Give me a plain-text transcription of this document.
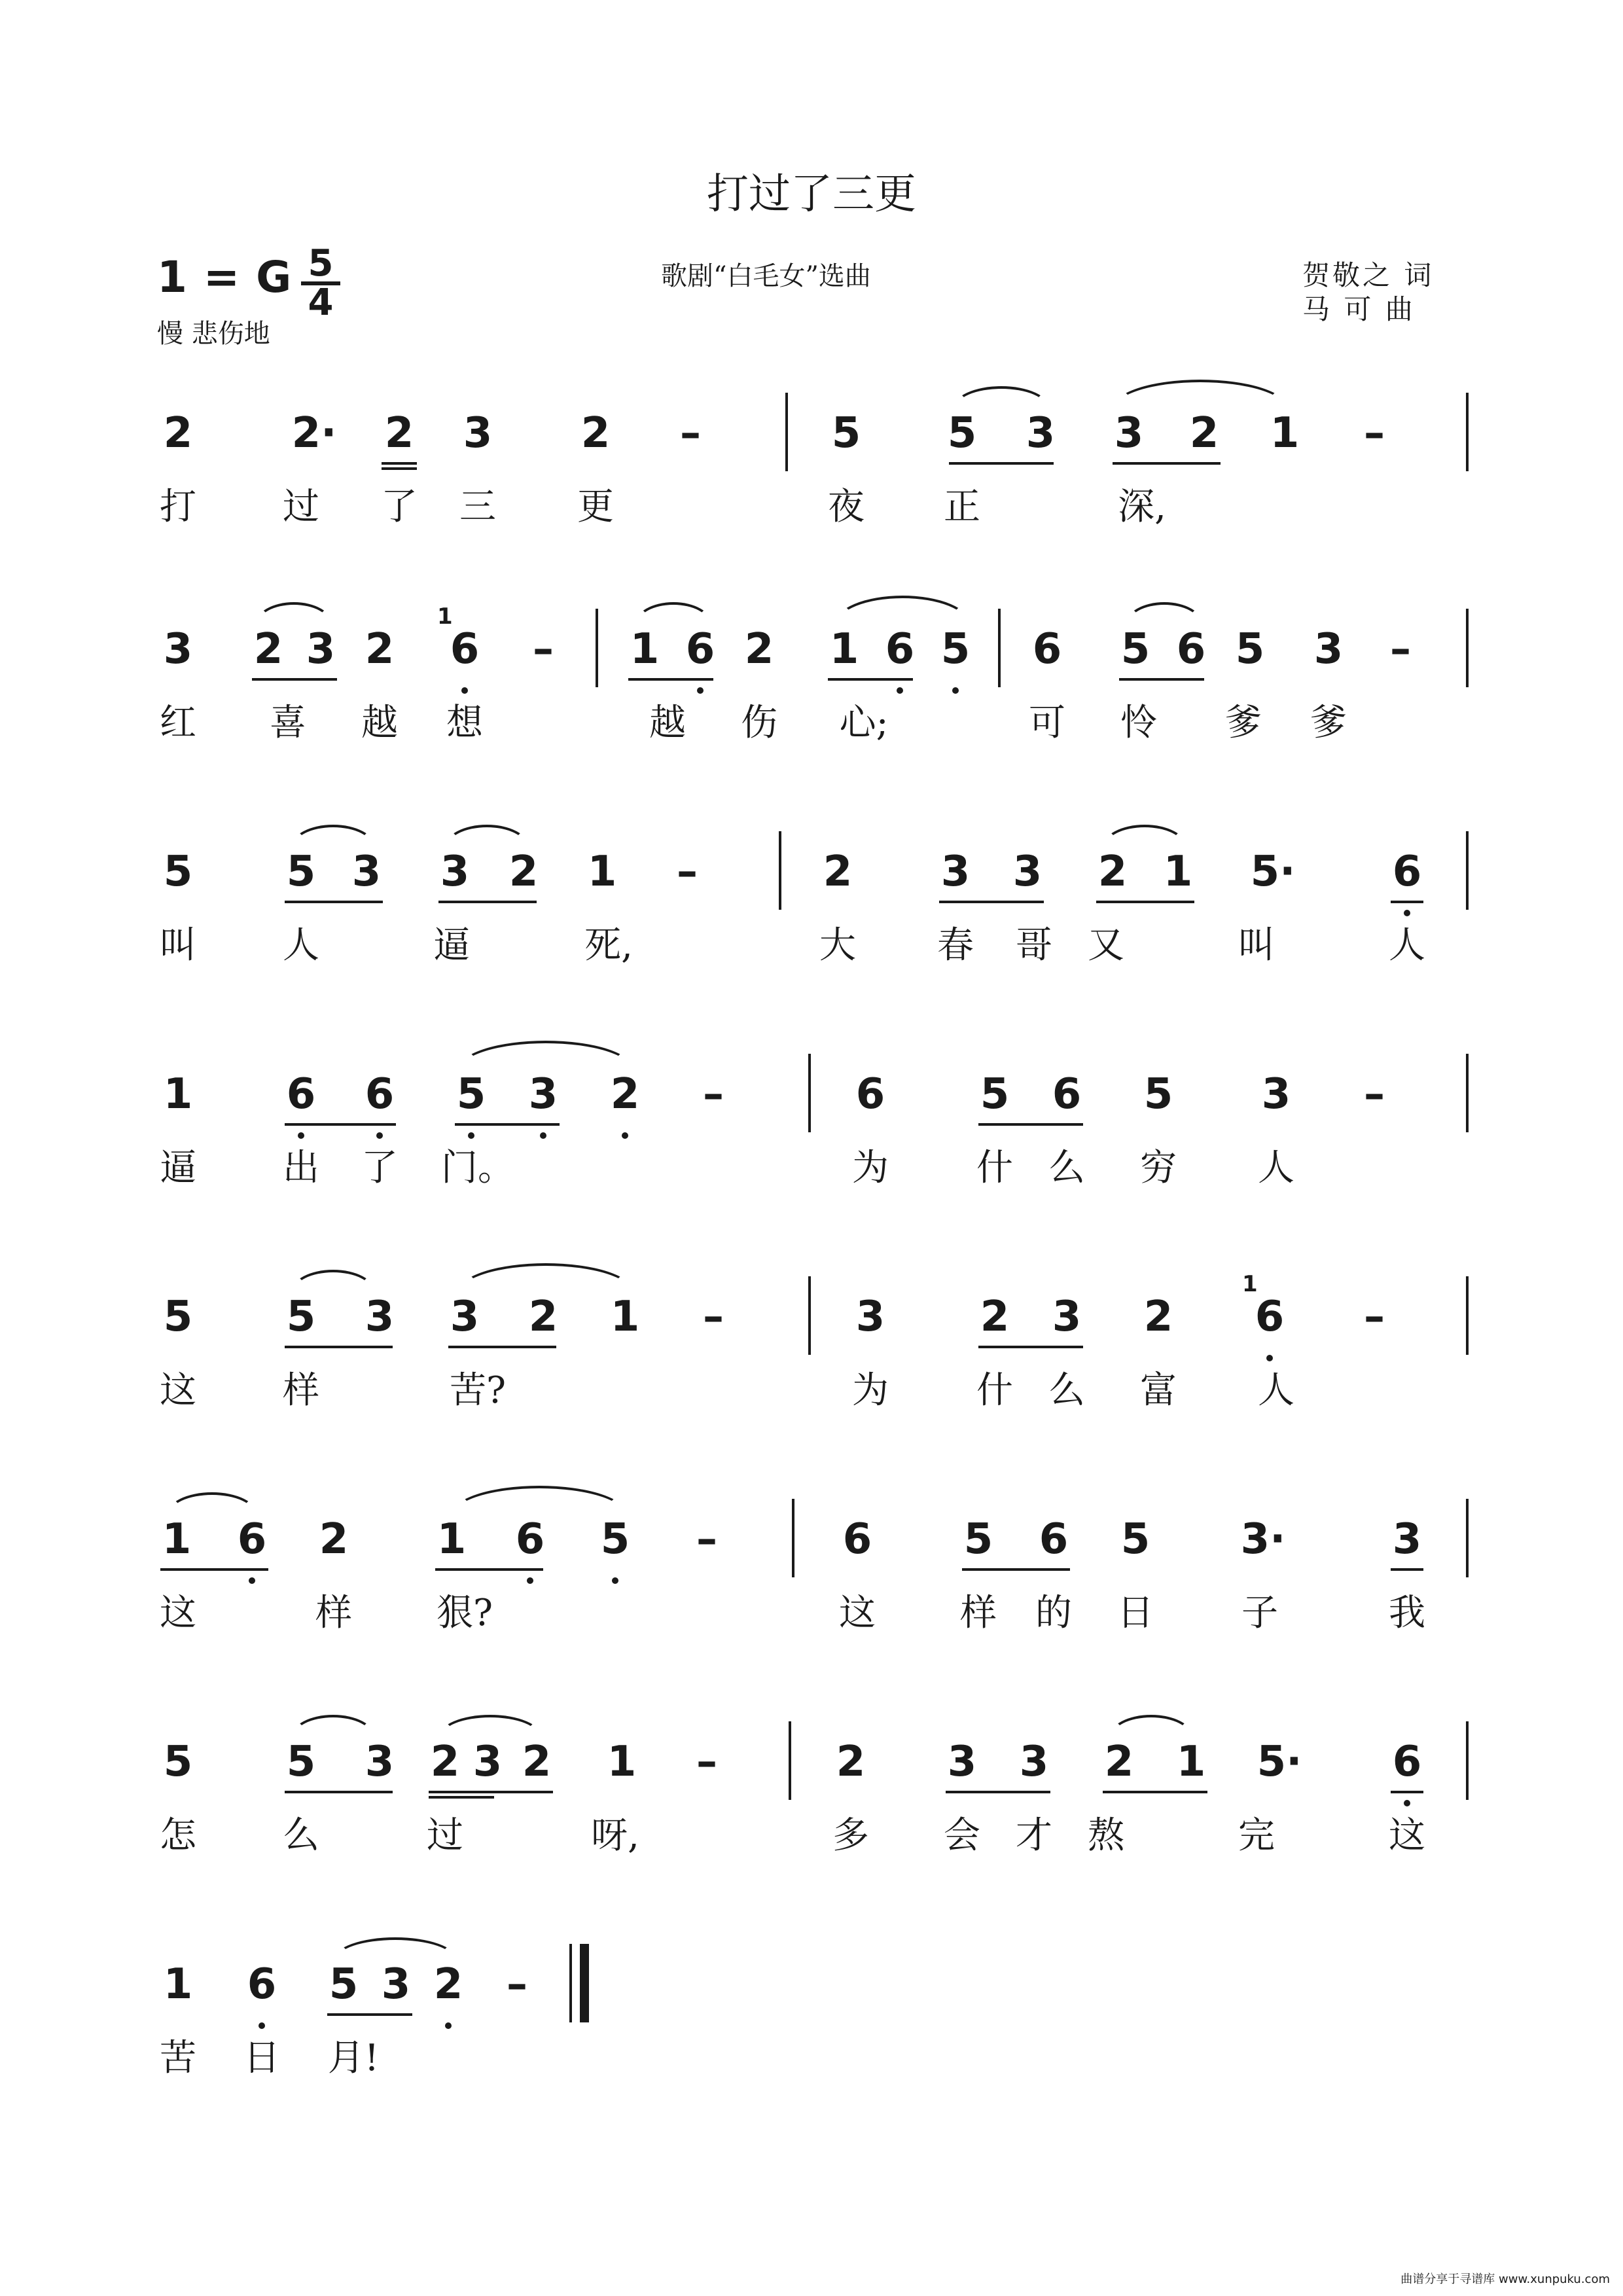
打过了三更
1 = G 5
4
慢 悲伤地
歌剧“白毛女”选曲	贺敬之 词
马 可 曲
2 2· 2 3 2 –	5 5 3 3 2 1 –
打 过 了 三 更	夜 正	深,
3 2 3 2
1
6 – 1 6 2 1 6 5 6 5 6 5 3 –
红 喜 越 想	越 伤	心;	可 怜 爹 爹
5 5 3 3 2 1 –	2 3 3 2 1 5· 6
叫 人	逼	死,	大 春 哥 又	叫	人
1 6 6 5 3 2 –	6 5 6 5 3 –
逼 出 了 门。	为 什 么 穷 人
5 5 3 3 2 1 –	3 2 3 2
1
6 –
这 样	苦?	为 什 么 富 人
1 6 2 1 6 5 –	6 5 6 5 3·	3
这	样	狠?	这 样 的 日 子	我
5 5 3 2 3 2 1 –	2 3 3 2 1 5· 6
怎 么	过	呀,	多 会 才 熬	完	这
1 6 5 3 2 –
苦 日 月!
曲谱分享于寻谱库 www.xunpuku.com
